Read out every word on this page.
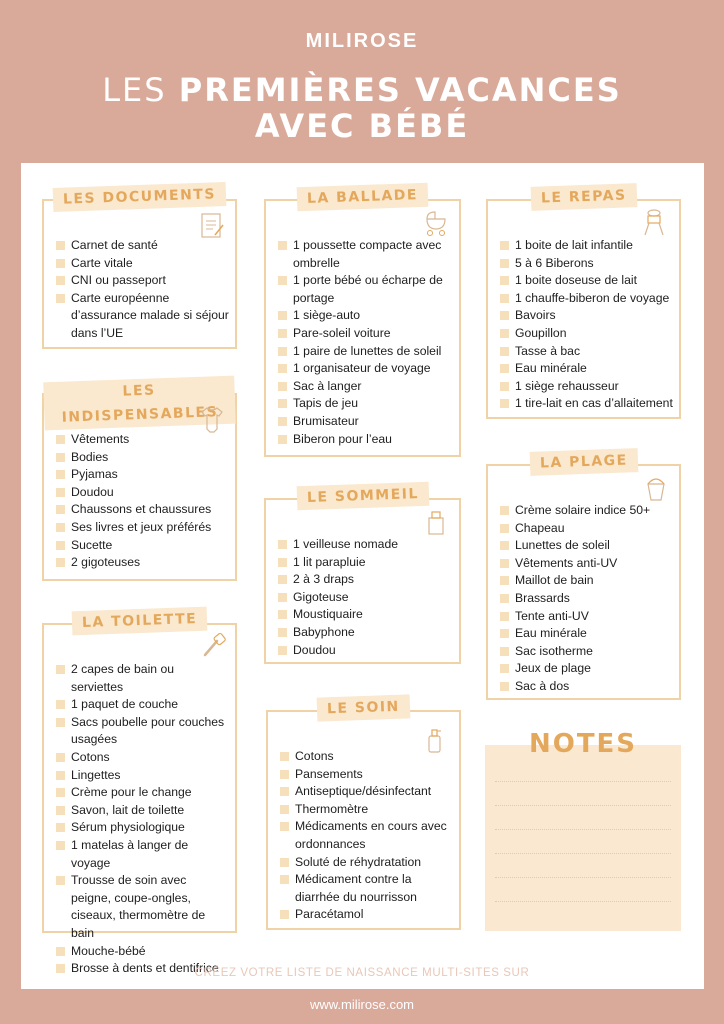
MILIROSE
LES PREMIÈRES VACANCES
AVEC BÉBÉ
LES DOCUMENTS
Carnet de santé
Carte vitale
CNI ou passeport
Carte européenne d’assurance malade si séjour dans l’UE
LES INDISPENSABLES
Vêtements
Bodies
Pyjamas
Doudou
Chaussons et chaussures
Ses livres et jeux préférés
Sucette
2 gigoteuses
LA TOILETTE
2 capes de bain ou serviettes
1 paquet de couche
Sacs poubelle pour couches usagées
Cotons
Lingettes
Crème pour le change
Savon, lait de toilette
Sérum physiologique
1 matelas à langer de voyage
Trousse de soin avec peigne, coupe-ongles, ciseaux, thermomètre de bain
Mouche-bébé
Brosse à dents et dentifrice
LA BALLADE
1 poussette compacte avec ombrelle
1 porte bébé ou écharpe de portage
1 siège-auto
Pare-soleil voiture
1 paire de lunettes de soleil
1 organisateur de voyage
Sac à langer
Tapis de jeu
Brumisateur
Biberon pour l’eau
LE SOMMEIL
1 veilleuse nomade
1 lit parapluie
2 à 3 draps
Gigoteuse
Moustiquaire
Babyphone
Doudou
LE SOIN
Cotons
Pansements
Antiseptique/désinfectant
Thermomètre
Médicaments en cours avec ordonnances
Soluté de réhydratation
Médicament contre la diarrhée du nourrisson
Paracétamol
LE REPAS
1 boite de lait infantile
5 à 6 Biberons
1 boite doseuse de lait
1 chauffe-biberon de voyage
Bavoirs
Goupillon
Tasse à bac
Eau minérale
1 siège rehausseur
1 tire-lait en cas d’allaitement
LA PLAGE
Crème solaire indice 50+
Chapeau
Lunettes de soleil
Vêtements anti-UV
Maillot de bain
Brassards
Tente anti-UV
Eau minérale
Sac isotherme
Jeux de plage
Sac à dos
NOTES
CRÉEZ VOTRE LISTE DE NAISSANCE MULTI-SITES SUR
www.milirose.com
